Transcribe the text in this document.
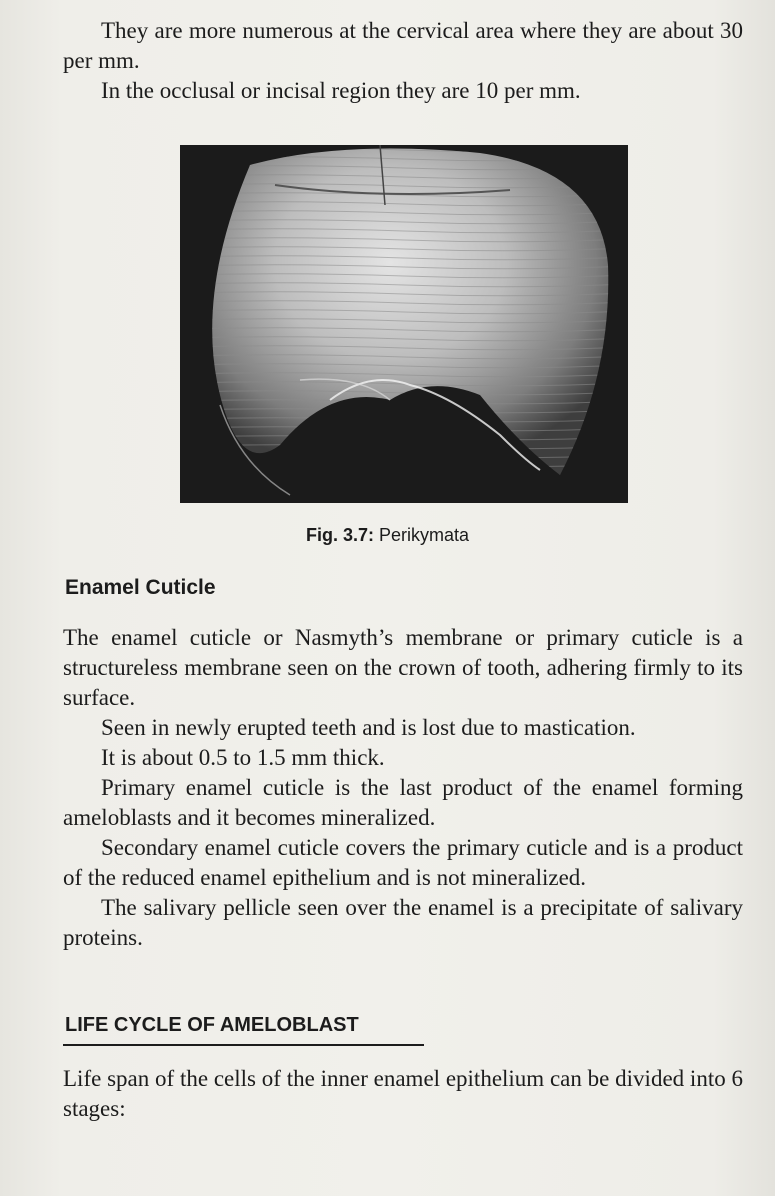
They are more numerous at the cervical area where they are about 30 per mm.

In the occlusal or incisal region they are 10 per mm.

Fig. 3.7: Perikymata
Enamel Cuticle

The enamel cuticle or Nasmyth’s membrane or primary cuticle is a structureless membrane seen on the crown of tooth, adhering firmly to its surface.

Seen in newly erupted teeth and is lost due to mastication.

It is about 0.5 to 1.5 mm thick.

Primary enamel cuticle is the last product of the enamel forming ameloblasts and it becomes mineralized.

Secondary enamel cuticle covers the primary cuticle and is a product of the reduced enamel epithelium and is not mineralized.

The salivary pellicle seen over the enamel is a precipitate of salivary proteins.

LIFE CYCLE OF AMELOBLAST

Life span of the cells of the inner enamel epithelium can be divided into 6 stages:
